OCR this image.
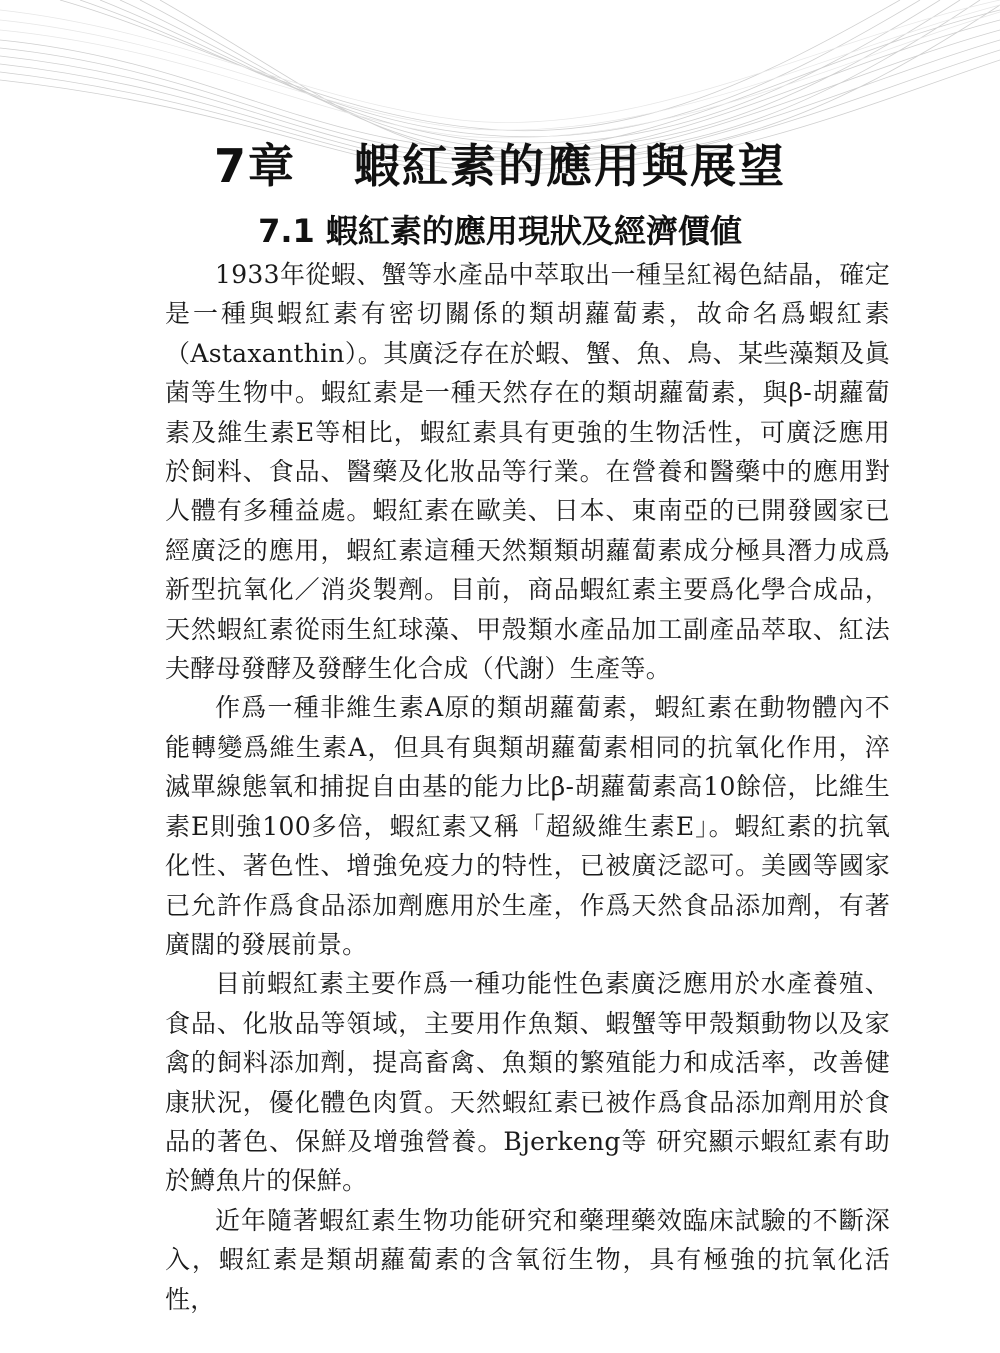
7章 蝦紅素的應用與展望
7.1 蝦紅素的應用現狀及經濟價値

1933年從蝦、蟹等水產品中萃取出一種呈紅褐色結晶，確定是一種與蝦紅素有密切關係的類胡蘿蔔素，故命名爲蝦紅素（Astaxanthin）。其廣泛存在於蝦、蟹、魚、鳥、某些藻類及眞菌等生物中。蝦紅素是一種天然存在的類胡蘿蔔素，與β-胡蘿蔔素及維生素E等相比，蝦紅素具有更強的生物活性，可廣泛應用於飼料、食品、醫藥及化妝品等行業。在營養和醫藥中的應用對人體有多種益處。蝦紅素在歐美、日本、東南亞的已開發國家已經廣泛的應用，蝦紅素這種天然類類胡蘿蔔素成分極具潛力成爲新型抗氧化／消炎製劑。目前，商品蝦紅素主要爲化學合成品，天然蝦紅素從雨生紅球藻、甲殼類水產品加工副產品萃取、紅法夫酵母發酵及發酵生化合成（代謝）生產等。

作爲一種非維生素A原的類胡蘿蔔素，蝦紅素在動物體內不能轉變爲維生素A，但具有與類胡蘿蔔素相同的抗氧化作用，淬滅單線態氧和捕捉自由基的能力比β-胡蘿蔔素高10餘倍，比維生素E則強100多倍，蝦紅素又稱「超級維生素E」。蝦紅素的抗氧化性、著色性、增強免疫力的特性，已被廣泛認可。美國等國家已允許作爲食品添加劑應用於生產，作爲天然食品添加劑，有著廣闊的發展前景。

目前蝦紅素主要作爲一種功能性色素廣泛應用於水產養殖、食品、化妝品等領域，主要用作魚類、蝦蟹等甲殼類動物以及家禽的飼料添加劑，提高畜禽、魚類的繁殖能力和成活率，改善健康狀況，優化體色肉質。天然蝦紅素已被作爲食品添加劑用於食品的著色、保鮮及增強營養。Bjerkeng等 研究顯示蝦紅素有助於鱒魚片的保鮮。

近年隨著蝦紅素生物功能研究和藥理藥效臨床試驗的不斷深入，蝦紅素是類胡蘿蔔素的含氧衍生物，具有極強的抗氧化活性，
